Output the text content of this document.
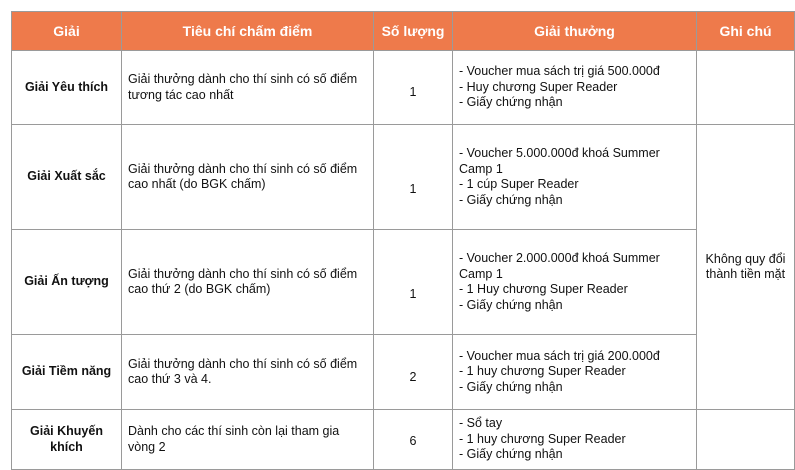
Giải	Tiêu chí chấm điểm	Số lượng	Giải thưởng	Ghi chú
Giải Yêu thích	Giải thưởng dành cho thí sinh có số điểm tương tác cao nhất	1	- Voucher mua sách trị giá 500.000đ
- Huy chương Super Reader
- Giấy chứng nhận	

Giải Xuất sắc	Giải thưởng dành cho thí sinh có số điểm cao nhất (do BGK chấm)	1	- Voucher 5.000.000đ khoá Summer Camp 1
- 1 cúp Super Reader
- Giấy chứng nhận	Không quy đổi thành tiền mặt
Giải Ấn tượng	Giải thưởng dành cho thí sinh có số điểm cao thứ 2 (do BGK chấm)	1	- Voucher 2.000.000đ khoá Summer Camp 1
- 1 Huy chương Super Reader
- Giấy chứng nhận	

Giải Tiềm năng	Giải thưởng dành cho thí sinh có số điểm cao thứ 3 và 4.	2	- Voucher mua sách trị giá 200.000đ
- 1 huy chương Super Reader
- Giấy chứng nhận	

Giải Khuyến khích	Dành cho các thí sinh còn lại tham gia vòng 2	6	- Sổ tay
- 1 huy chương Super Reader
- Giấy chứng nhận	
